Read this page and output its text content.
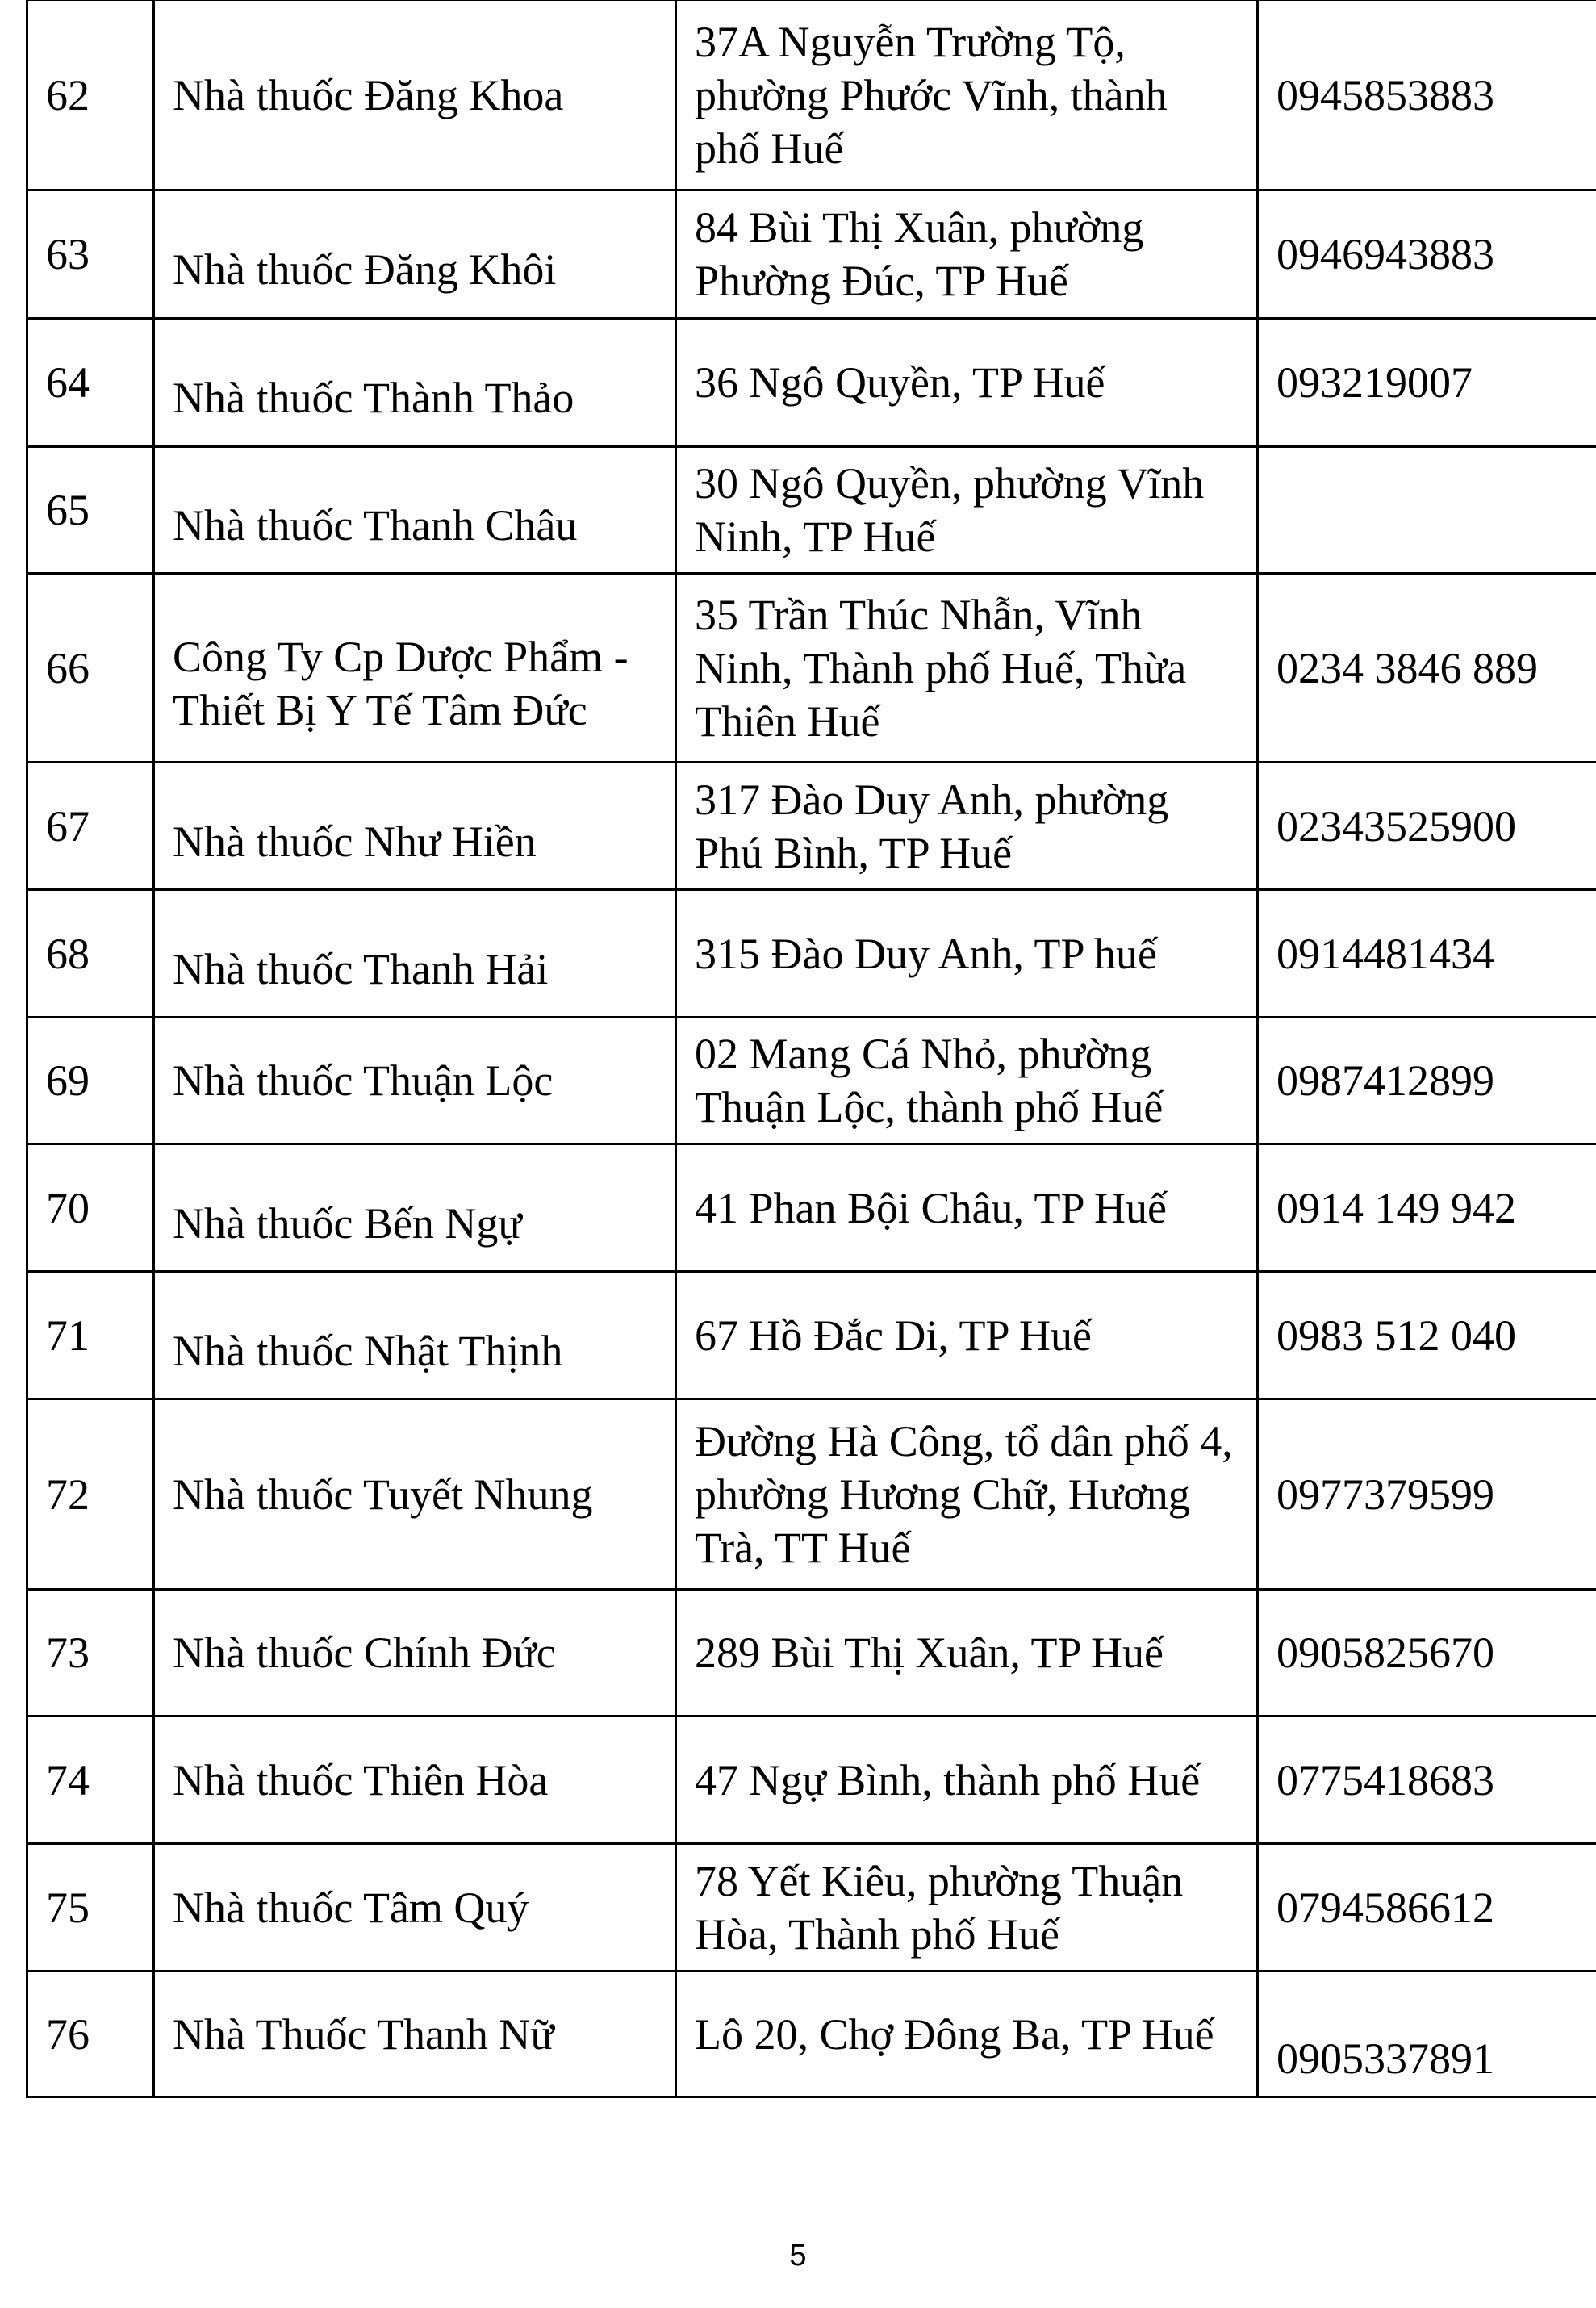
62	Nhà thuốc Đăng Khoa	37A Nguyễn Trường Tộ, phường Phước Vĩnh, thành phố Huế	0945853883
63	Nhà thuốc Đăng Khôi	84 Bùi Thị Xuân, phường Phường Đúc, TP Huế	0946943883
64	Nhà thuốc Thành Thảo	36 Ngô Quyền, TP Huế	093219007
65	Nhà thuốc Thanh Châu	30 Ngô Quyền, phường Vĩnh Ninh, TP Huế	
66	Công Ty Cp Dược Phẩm - Thiết Bị Y Tế Tâm Đức	35 Trần Thúc Nhẫn, Vĩnh Ninh, Thành phố Huế, Thừa Thiên Huế	0234 3846 889
67	Nhà thuốc Như Hiền	317 Đào Duy Anh, phường Phú Bình, TP Huế	02343525900
68	Nhà thuốc Thanh Hải	315 Đào Duy Anh, TP huế	0914481434
69	Nhà thuốc Thuận Lộc	02 Mang Cá Nhỏ, phường Thuận Lộc, thành phố Huế	0987412899
70	Nhà thuốc Bến Ngự	41 Phan Bội Châu, TP Huế	0914 149 942
71	Nhà thuốc Nhật Thịnh	67 Hồ Đắc Di, TP Huế	0983 512 040
72	Nhà thuốc Tuyết Nhung	Đường Hà Công, tổ dân phố 4, phường Hương Chữ, Hương Trà, TT Huế	0977379599
73	Nhà thuốc Chính Đức	289 Bùi Thị Xuân, TP Huế	0905825670
74	Nhà thuốc Thiên Hòa	47 Ngự Bình, thành phố Huế	0775418683
75	Nhà thuốc Tâm Quý	78 Yết Kiêu, phường Thuận Hòa, Thành phố Huế	0794586612
76	Nhà Thuốc Thanh Nữ	Lô 20, Chợ Đông Ba, TP Huế	0905337891
5
